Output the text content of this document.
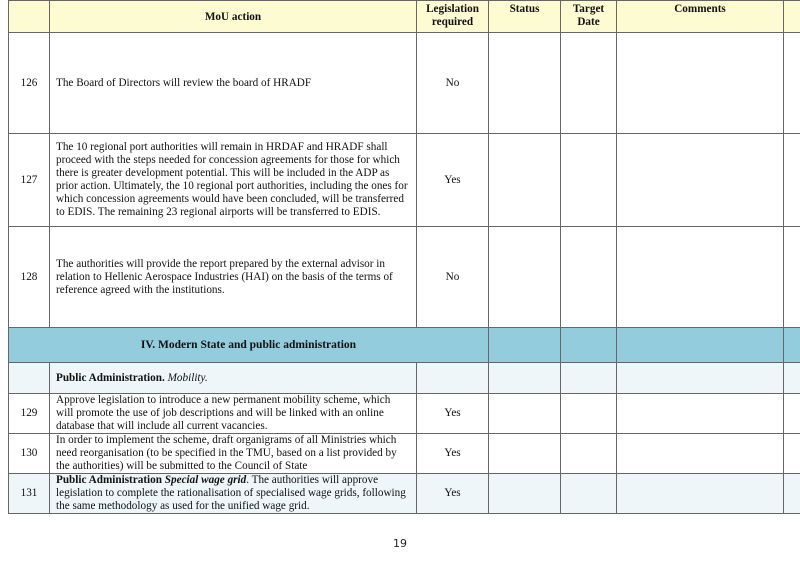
	MoU action	Legislation required	Status	Target Date	Comments	
126	The Board of Directors will review the board of HRADF	No				
127	The 10 regional port authorities will remain in HRDAF and HRADF shall proceed with the steps needed for concession agreements for those for which there is greater development potential. This will be included in the ADP as prior action. Ultimately, the 10 regional port authorities, including the ones for which concession agreements would have been concluded, will be transferred to EDIS. The remaining 23 regional airports will be transferred to EDIS.	Yes				
128	The authorities will provide the report prepared by the external advisor in relation to Hellenic Aerospace Industries (HAI) on the basis of the terms of reference agreed with the institutions.	No				
IV. Modern State and public administration						
	Public Administration. Mobility.					
129	Approve legislation to introduce a new permanent mobility scheme, which will promote the use of job descriptions and will be linked with an online database that will include all current vacancies.	Yes				
130	In order to implement the scheme, draft organigrams of all Ministries which need reorganisation (to be specified in the TMU, based on a list provided by the authorities) will be submitted to the Council of State	Yes				
131	Public Administration Special wage grid. The authorities will approve legislation to complete the rationalisation of specialised wage grids, following the same methodology as used for the unified wage grid.	Yes				
19
